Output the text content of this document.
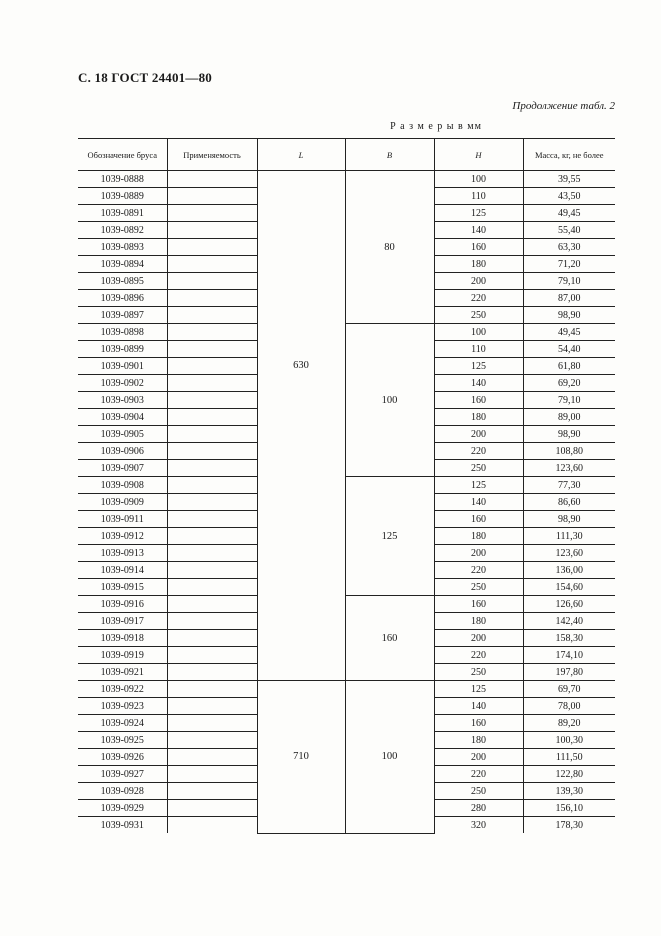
С. 18 ГОСТ 24401—80
Продолжение табл. 2
Р а з м е р ы в мм
Обозначение бруса	Применяемость	L	B	H	Масса, кг, не более
1039-0888		630	80	100	39,55
1039-0889				110	43,50
1039-0891				125	49,45
1039-0892				140	55,40
1039-0893				160	63,30
1039-0894				180	71,20
1039-0895				200	79,10
1039-0896				220	87,00
1039-0897				250	98,90
1039-0898			100	100	49,45
1039-0899				110	54,40
1039-0901				125	61,80
1039-0902				140	69,20
1039-0903				160	79,10
1039-0904				180	89,00
1039-0905				200	98,90
1039-0906				220	108,80
1039-0907				250	123,60
1039-0908			125	125	77,30
1039-0909				140	86,60
1039-0911				160	98,90
1039-0912				180	111,30
1039-0913				200	123,60
1039-0914				220	136,00
1039-0915				250	154,60
1039-0916			160	160	126,60
1039-0917				180	142,40
1039-0918				200	158,30
1039-0919				220	174,10
1039-0921				250	197,80
1039-0922		710	100	125	69,70
1039-0923				140	78,00
1039-0924				160	89,20
1039-0925				180	100,30
1039-0926				200	111,50
1039-0927				220	122,80
1039-0928				250	139,30
1039-0929				280	156,10
1039-0931				320	178,30
